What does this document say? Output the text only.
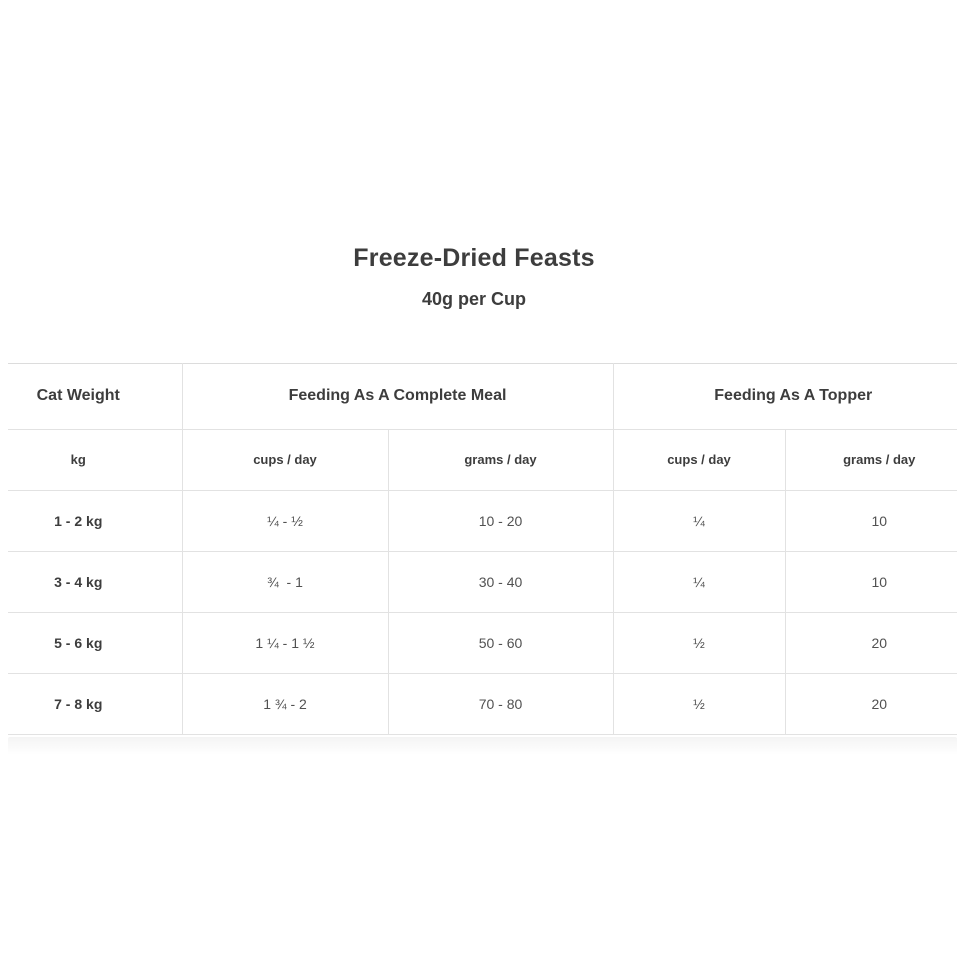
Freeze-Dried Feasts
40g per Cup
Cat Weight	Feeding As A Complete Meal		Feeding As A Topper	
kg	cups / day	grams / day	cups / day	grams / day
1 - 2 kg	¼ - ½	10 - 20	¼	10
3 - 4 kg	¾  - 1	30 - 40	¼	10
5 - 6 kg	1 ¼ - 1 ½	50 - 60	½	20
7 - 8 kg	1 ¾ - 2	70 - 80	½	20
